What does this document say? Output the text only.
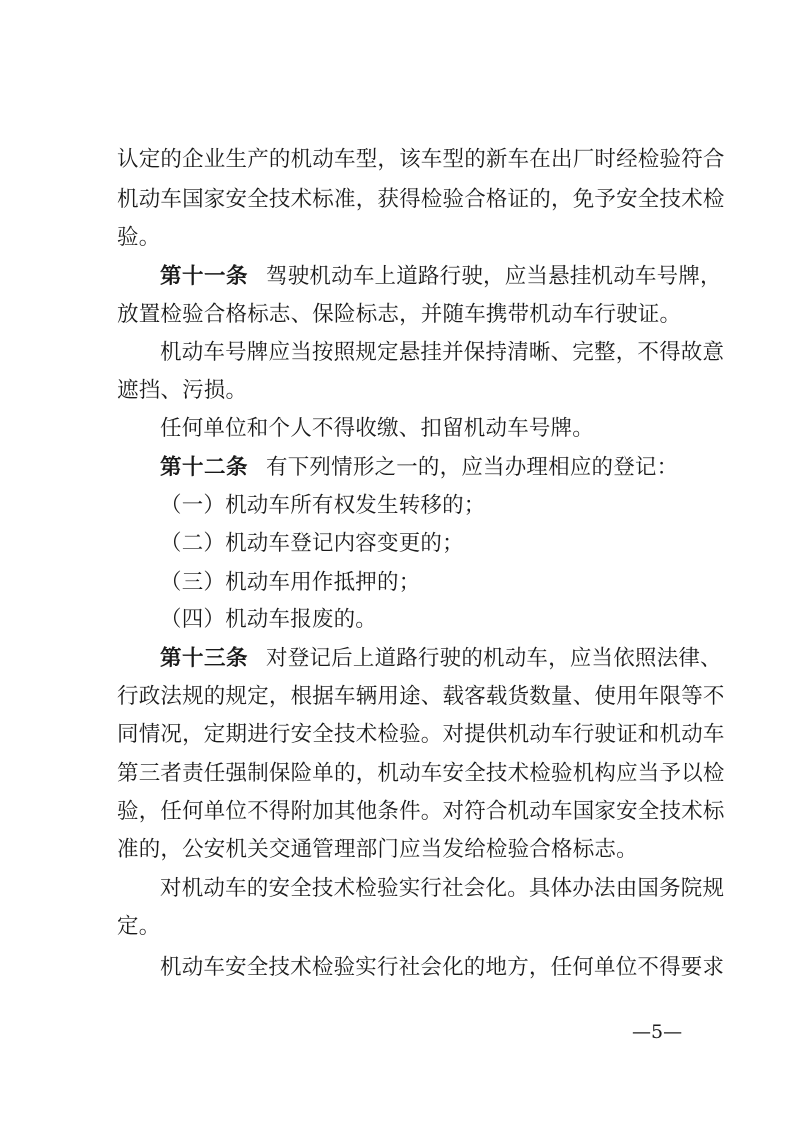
认定的企业生产的机动车型，该车型的新车在出厂时经检验符合
机动车国家安全技术标准，获得检验合格证的，免予安全技术检
验。
第十一条 驾驶机动车上道路行驶，应当悬挂机动车号牌，
放置检验合格标志、保险标志，并随车携带机动车行驶证。
机动车号牌应当按照规定悬挂并保持清晰、完整，不得故意
遮挡、污损。
任何单位和个人不得收缴、扣留机动车号牌。
第十二条 有下列情形之一的，应当办理相应的登记：
（一）机动车所有权发生转移的；
（二）机动车登记内容变更的；
（三）机动车用作抵押的；
（四）机动车报废的。
第十三条 对登记后上道路行驶的机动车，应当依照法律、
行政法规的规定，根据车辆用途、载客载货数量、使用年限等不
同情况，定期进行安全技术检验。对提供机动车行驶证和机动车
第三者责任强制保险单的，机动车安全技术检验机构应当予以检
验，任何单位不得附加其他条件。对符合机动车国家安全技术标
准的，公安机关交通管理部门应当发给检验合格标志。
对机动车的安全技术检验实行社会化。具体办法由国务院规
定。
机动车安全技术检验实行社会化的地方，任何单位不得要求
—5—
